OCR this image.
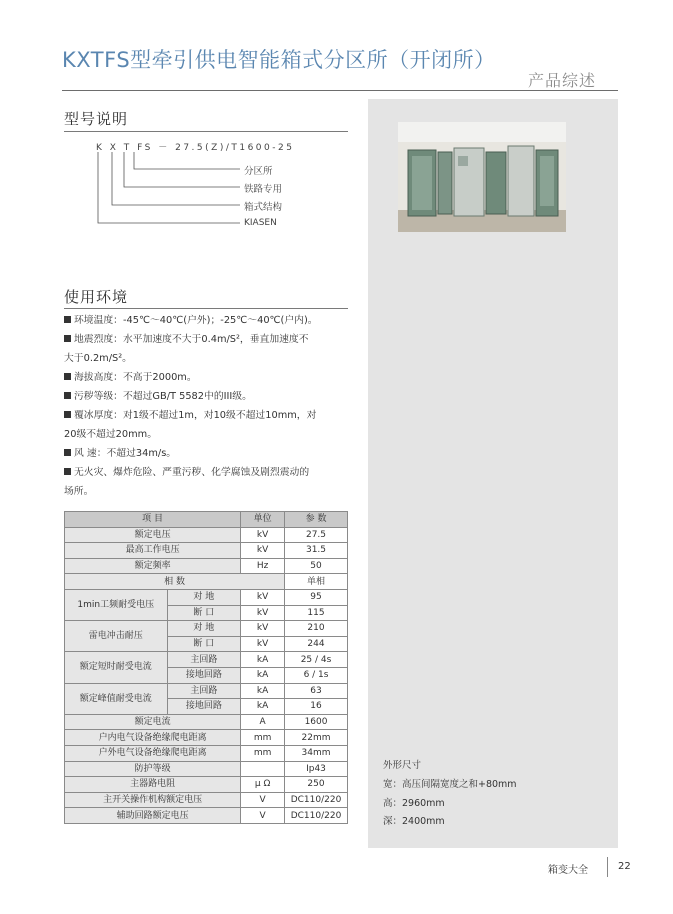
KXTFS型牵引供电智能箱式分区所（开闭所）
产品综述
型号说明
K X T FS － 27.5(Z)/T1600-25
分区所
铁路专用
箱式结构
KIASEN
使用环境
环境温度：-45℃～40℃(户外)；-25℃～40℃(户内)。
地震烈度：水平加速度不大于0.4m/S²，垂直加速度不
大于0.2m/S²。
海拔高度：不高于2000m。
污秽等级：不超过GB/T 5582中的III级。
覆冰厚度：对1级不超过1m，对10级不超过10mm，对
20级不超过20mm。
风 速：不超过34m/s。
无火灾、爆炸危险、严重污秽、化学腐蚀及剧烈震动的
场所。
项 目		单位	参 数
额定电压		kV	27.5
最高工作电压		kV	31.5
额定频率		Hz	50
相 数			单相
1min工频耐受电压	对 地	kV	95
	断 口	kV	115
雷电冲击耐压	对 地	kV	210
	断 口	kV	244
额定短时耐受电流	主回路	kA	25 / 4s
	接地回路	kA	6 / 1s
额定峰值耐受电流	主回路	kA	63
	接地回路	kA	16
额定电流		A	1600
户内电气设备绝缘爬电距离		mm	22mm
户外电气设备绝缘爬电距离		mm	34mm
防护等级			Ip43
主器路电阻		μ Ω	250
主开关操作机构额定电压		V	DC110/220
辅助回路额定电压		V	DC110/220
外形尺寸
宽：高压间隔宽度之和+80mm
高：2960mm
深：2400mm
箱变大全	22
